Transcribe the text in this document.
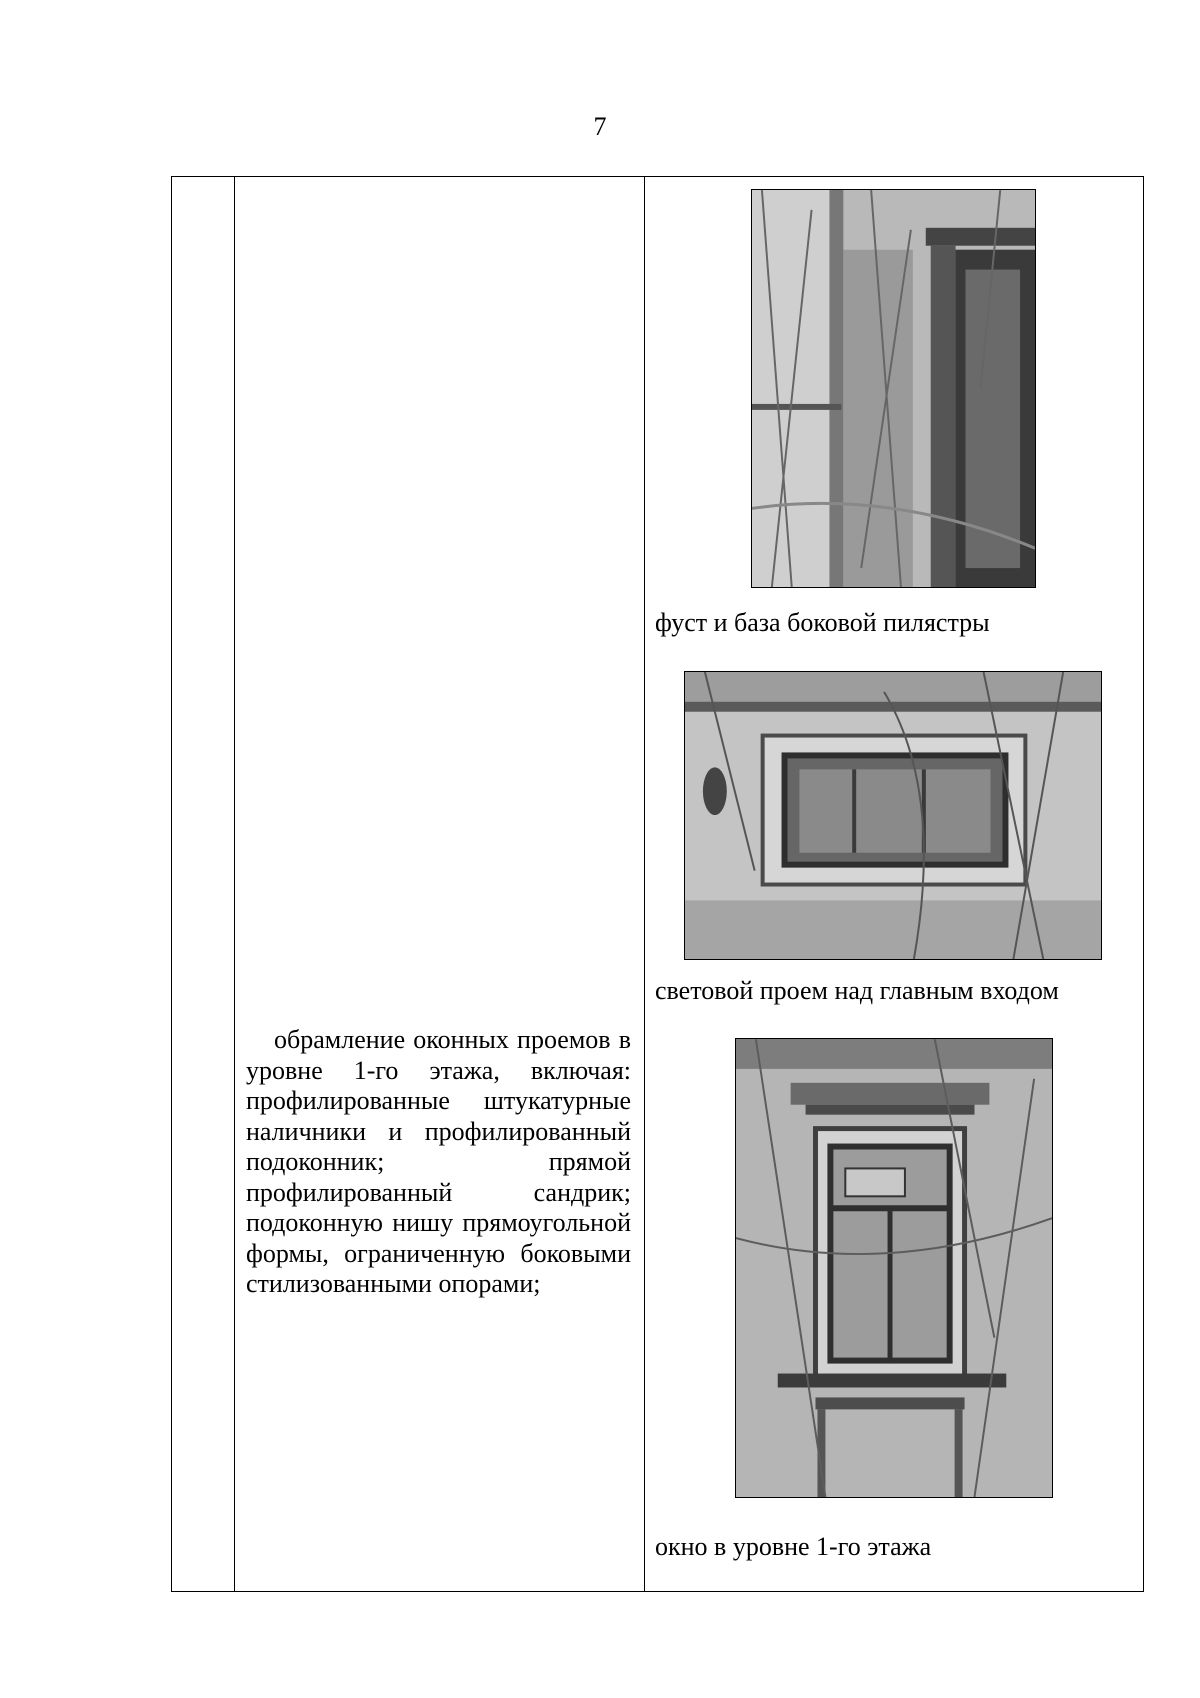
7

обрамление оконных проемов в уровне 1-го этажа, включая: профилированные штукатурные наличники и профилированный подоконник; прямой профилированный сандрик; подоконную нишу прямоугольной формы, ограниченную боковыми стилизованными опорами;

фуст и база боковой пилястры
световой проем над главным входом
окно в уровне 1-го этажа
